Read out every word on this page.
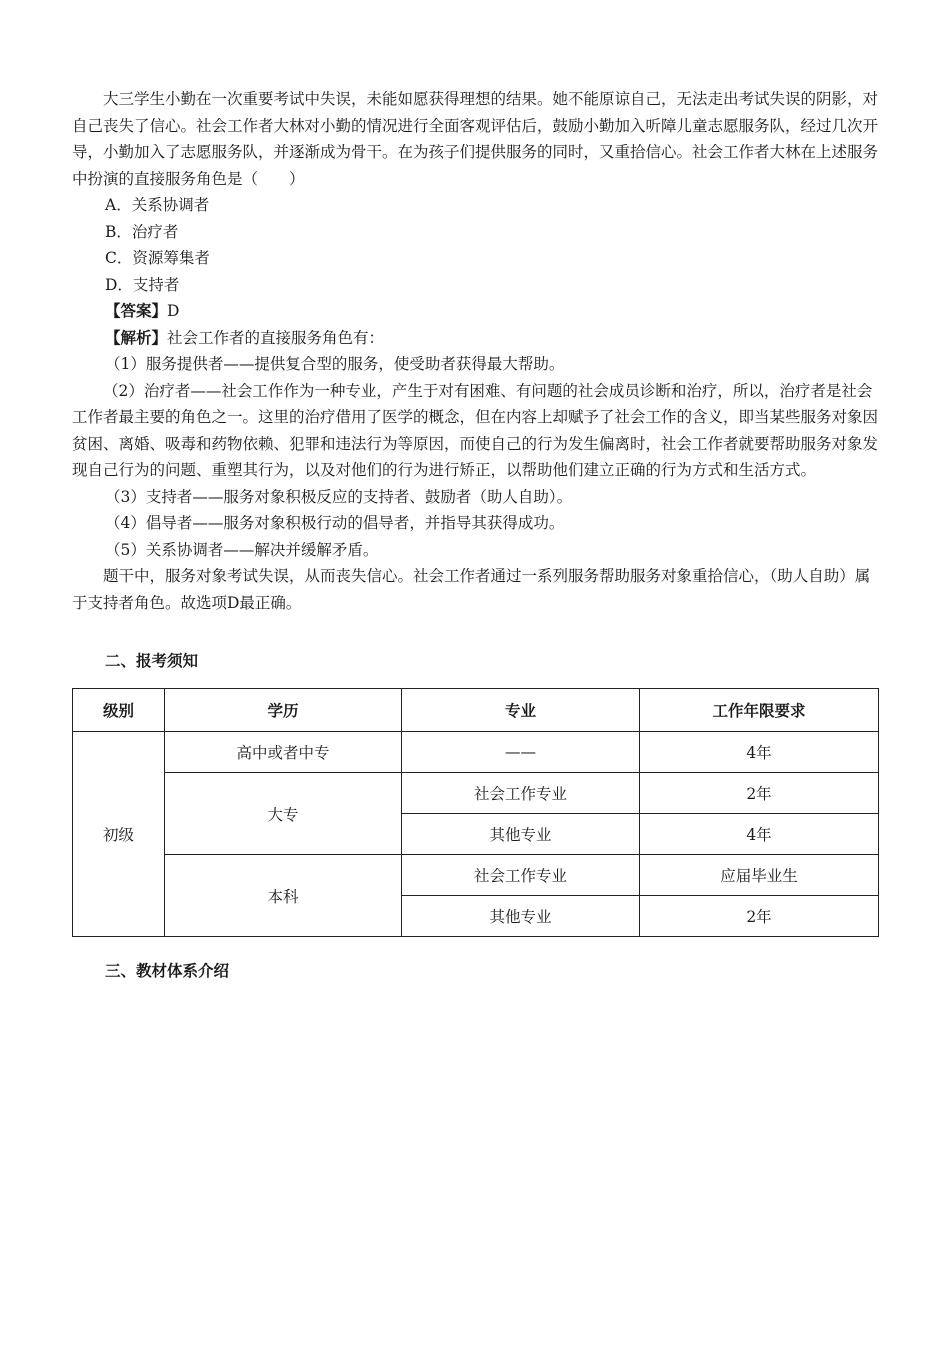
大三学生小勤在一次重要考试中失误，未能如愿获得理想的结果。她不能原谅自己，无法走出考试失误的阴影，对自己丧失了信心。社会工作者大林对小勤的情况进行全面客观评估后，鼓励小勤加入听障儿童志愿服务队，经过几次开导，小勤加入了志愿服务队，并逐渐成为骨干。在为孩子们提供服务的同时，又重拾信心。社会工作者大林在上述服务中扮演的直接服务角色是（　　）

A．关系协调者

B．治疗者

C．资源筹集者

D．支持者

【答案】D

【解析】社会工作者的直接服务角色有：

（1）服务提供者——提供复合型的服务，使受助者获得最大帮助。

（2）治疗者——社会工作作为一种专业，产生于对有困难、有问题的社会成员诊断和治疗，所以，治疗者是社会工作者最主要的角色之一。这里的治疗借用了医学的概念，但在内容上却赋予了社会工作的含义，即当某些服务对象因贫困、离婚、吸毒和药物依赖、犯罪和违法行为等原因，而使自己的行为发生偏离时，社会工作者就要帮助服务对象发现自己行为的问题、重塑其行为，以及对他们的行为进行矫正，以帮助他们建立正确的行为方式和生活方式。

（3）支持者——服务对象积极反应的支持者、鼓励者（助人自助）。

（4）倡导者——服务对象积极行动的倡导者，并指导其获得成功。

（5）关系协调者——解决并缓解矛盾。

题干中，服务对象考试失误，从而丧失信心。社会工作者通过一系列服务帮助服务对象重拾信心，（助人自助）属于支持者角色。故选项D最正确。

二、报考须知
级别	学历	专业	工作年限要求
初级	高中或者中专	——	4年
	大专	社会工作专业	2年
		其他专业	4年
	本科	社会工作专业	应届毕业生
		其他专业	2年
三、教材体系介绍
